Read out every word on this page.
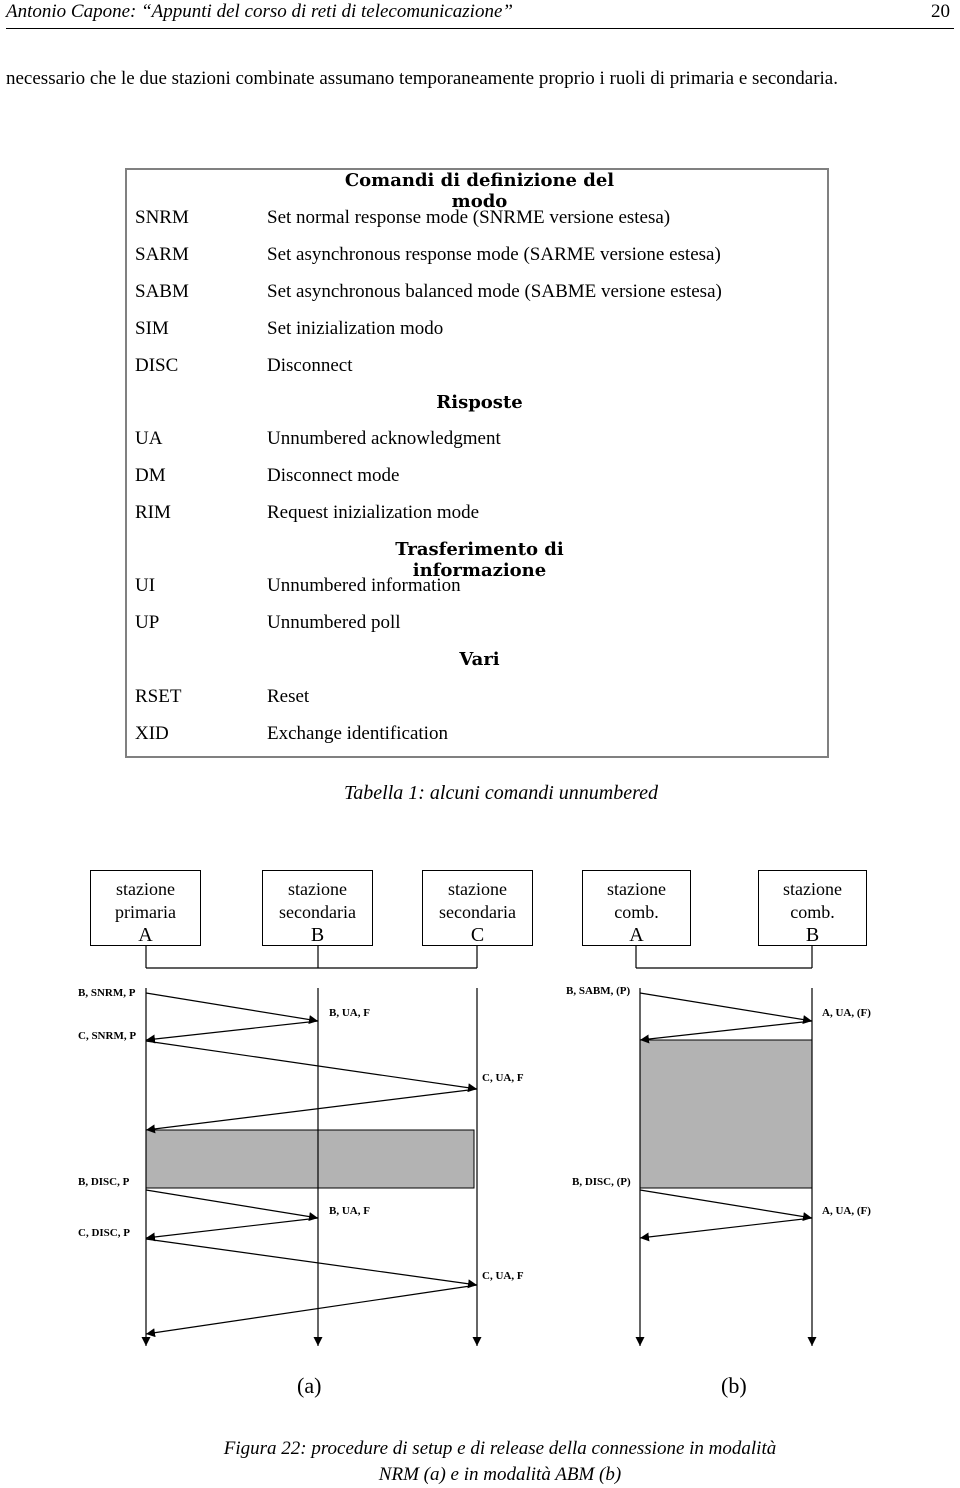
Antonio Capone: “Appunti del corso di reti di telecomunicazione”	20
necessario che le due stazioni combinate assumano temporaneamente proprio i ruoli di primaria e secondaria.
Comandi di definizione del modo
SNRM	Set normal response mode (SNRME versione estesa)
SARM	Set asynchronous response mode (SARME versione estesa)
SABM	Set asynchronous balanced mode (SABME versione estesa)
SIM	Set inizialization modo
DISC	Disconnect
Risposte
UA	Unnumbered acknowledgment
DM	Disconnect mode
RIM	Request inizialization mode
Trasferimento di informazione
UI	Unnumbered information
UP	Unnumbered poll
Vari
RSET	Reset
XID	Exchange identification
Tabella 1: alcuni comandi unnumbered
stazione
primaria
A
stazione
secondaria
B
stazione
secondaria
C
stazione
comb.
A
stazione
comb.
B
B, SNRM, P
B, UA, F
C, SNRM, P
C, UA, F
B, DISC, P
B, UA, F
C, DISC, P
C, UA, F
B, SABM, (P)
A, UA, (F)
B, DISC, (P)
A, UA, (F)
(a)	(b)
Figura 22: procedure di setup e di release della connessione in modalità
NRM (a) e in modalità ABM (b)
